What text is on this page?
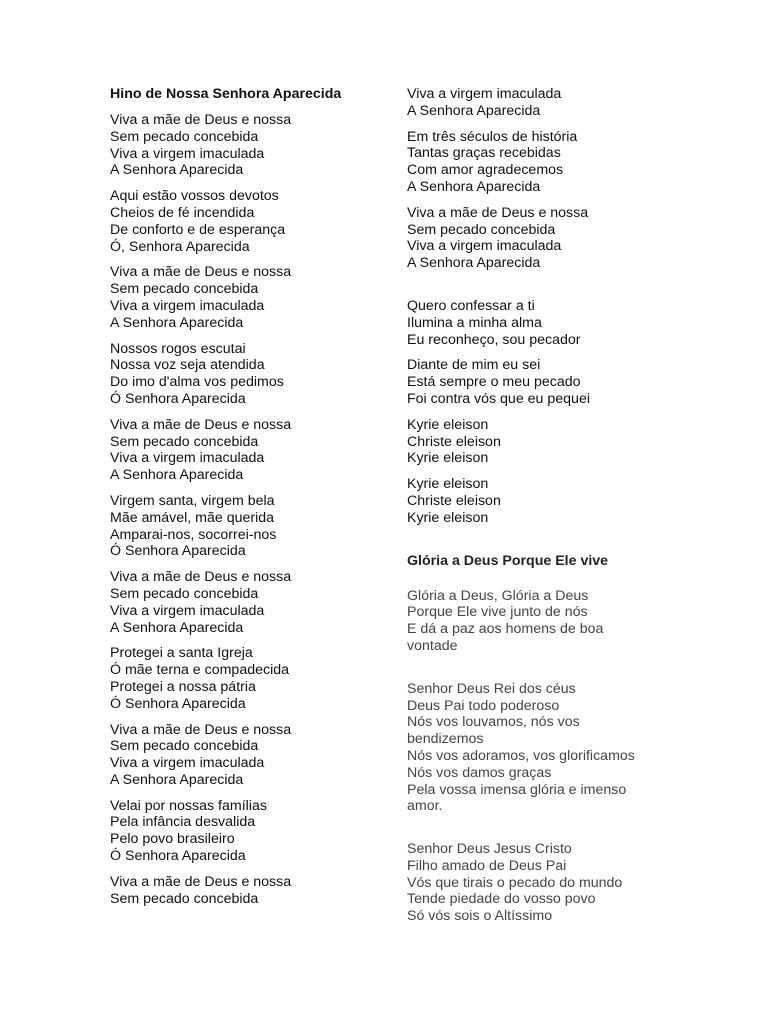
Hino de Nossa Senhora Aparecida
Viva a mãe de Deus e nossa
Sem pecado concebida
Viva a virgem imaculada
A Senhora Aparecida
Aqui estão vossos devotos
Cheios de fé incendida
De conforto e de esperança
Ó, Senhora Aparecida
Viva a mãe de Deus e nossa
Sem pecado concebida
Viva a virgem imaculada
A Senhora Aparecida
Nossos rogos escutai
Nossa voz seja atendida
Do imo d'alma vos pedimos
Ó Senhora Aparecida
Viva a mãe de Deus e nossa
Sem pecado concebida
Viva a virgem imaculada
A Senhora Aparecida
Virgem santa, virgem bela
Mãe amável, mãe querida
Amparai-nos, socorrei-nos
Ó Senhora Aparecida
Viva a mãe de Deus e nossa
Sem pecado concebida
Viva a virgem imaculada
A Senhora Aparecida
Protegei a santa Igreja
Ó mãe terna e compadecida
Protegei a nossa pátria
Ó Senhora Aparecida
Viva a mãe de Deus e nossa
Sem pecado concebida
Viva a virgem imaculada
A Senhora Aparecida
Velai por nossas famílias
Pela infância desvalida
Pelo povo brasileiro
Ó Senhora Aparecida
Viva a mãe de Deus e nossa
Sem pecado concebida
Viva a virgem imaculada
A Senhora Aparecida
Em três séculos de história
Tantas graças recebidas
Com amor agradecemos
A Senhora Aparecida
Viva a mãe de Deus e nossa
Sem pecado concebida
Viva a virgem imaculada
A Senhora Aparecida
Quero confessar a ti
Ilumina a minha alma
Eu reconheço, sou pecador
Diante de mim eu sei
Está sempre o meu pecado
Foi contra vós que eu pequei
Kyrie eleison
Christe eleison
Kyrie eleison
Kyrie eleison
Christe eleison
Kyrie eleison
Glória a Deus Porque Ele vive
Glória a Deus, Glória a Deus
Porque Ele vive junto de nós
E dá a paz aos homens de boa
vontade
Senhor Deus Rei dos céus
Deus Pai todo poderoso
Nós vos louvamos, nós vos
bendizemos
Nós vos adoramos, vos glorificamos
Nós vos damos graças
Pela vossa imensa glória e imenso
amor.
Senhor Deus Jesus Cristo
Filho amado de Deus Pai
Vós que tirais o pecado do mundo
Tende piedade do vosso povo
Só vós sois o Altíssimo
